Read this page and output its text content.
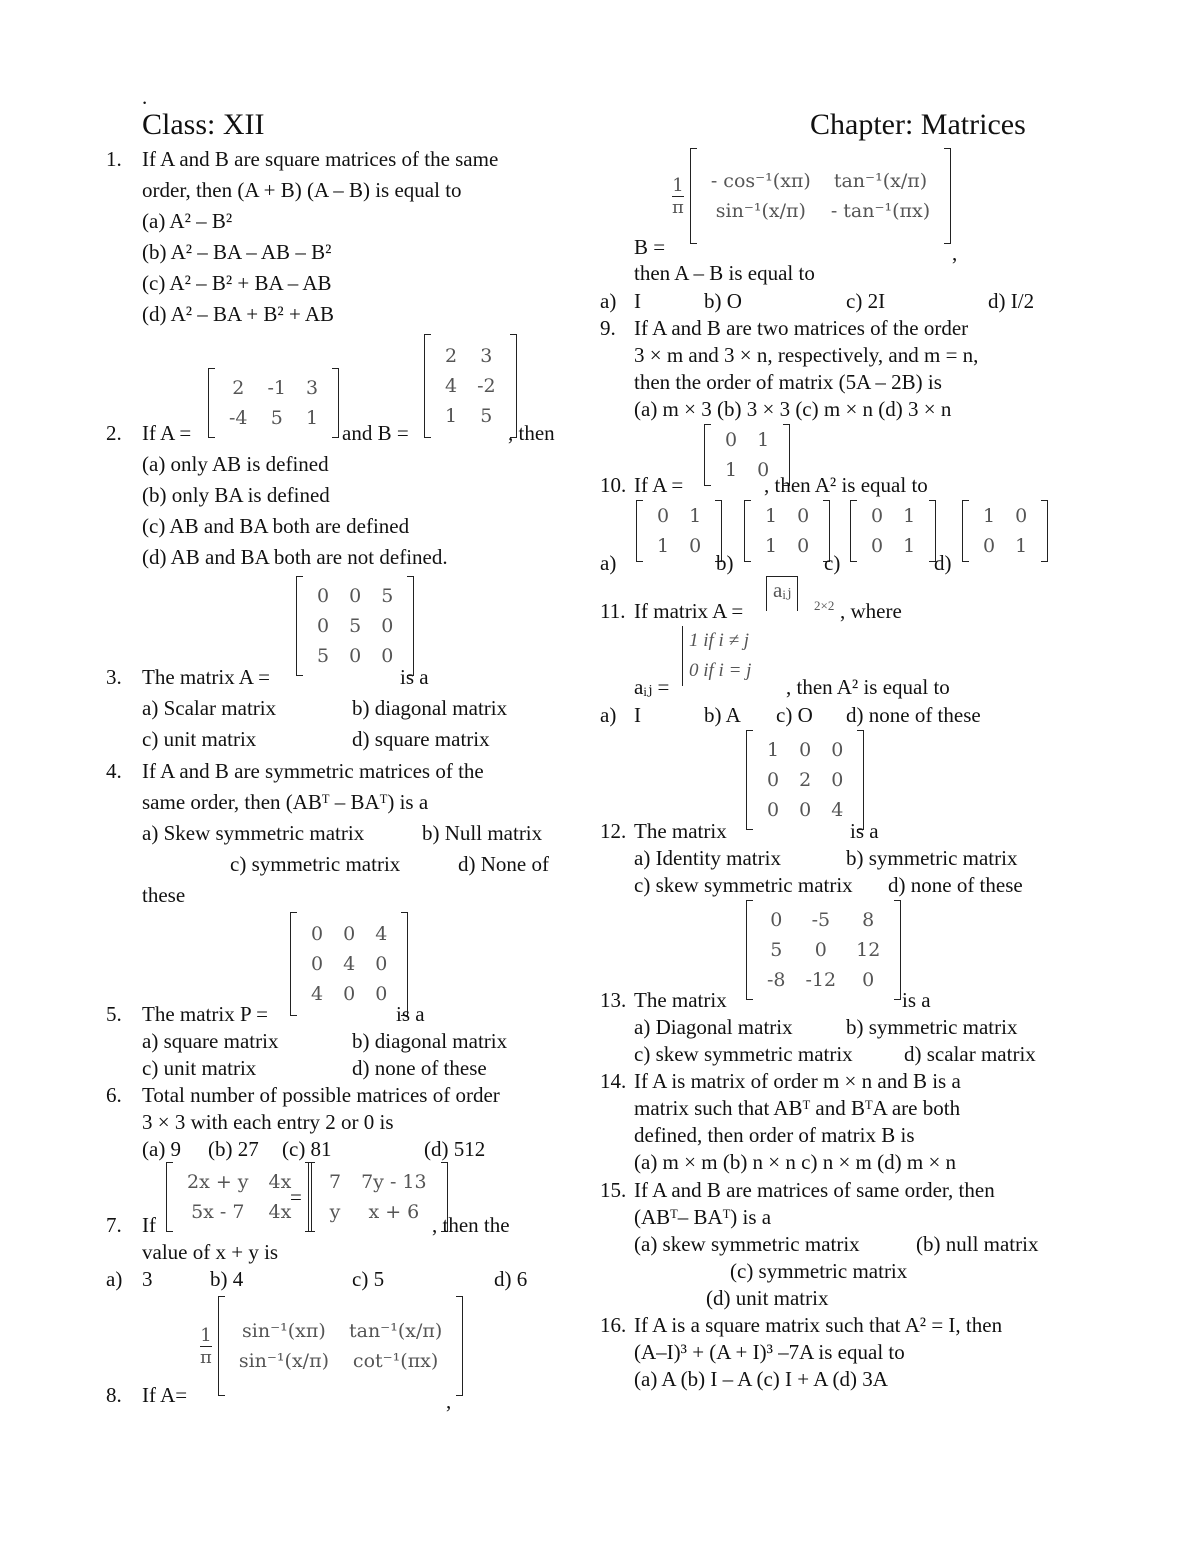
.
Class: XII	Chapter: Matrices
1. If A and B are square matrices of the same
order, then (A + B) (A – B) is equal to
(a) A² – B²
(b) A² – BA – AB – B²
(c) A² – B² + BA – AB
(d) A² – BA + B² + AB
2. If A =
2	-1	3
-4	5	1
and B =
2	3
4	-2
1	5
, then
(a) only AB is defined
(b) only BA is defined
(c) AB and BA both are defined
(d) AB and BA both are not defined.
3. The matrix A =
0	0	5
0	5	0
5	0	0
is a
a) Scalar matrix	b) diagonal matrix
c) unit matrix	d) square matrix
4. If A and B are symmetric matrices of the
same order, then (ABᵀ – BAᵀ) is a
a) Skew symmetric matrix	b) Null matrix
c) symmetric matrix	d) None of
these
5. The matrix P =
0	0	4
0	4	0
4	0	0
is a
a) square matrix	b) diagonal matrix
c) unit matrix	d) none of these
6. Total number of possible matrices of order
3 × 3 with each entry 2 or 0 is
(a) 9 (b) 27 (c) 81	(d) 512
7. If
2x + y	4x
5x - 7	4x
=
7	7y - 13
y	x + 6
, then the
value of x + y is
a) 3	b) 4	c) 5	d) 6
8. If A=
1
π
sin⁻¹(xπ)	tan⁻¹(x/π)
sin⁻¹(x/π)	cot⁻¹(πx)
,
1
π
- cos⁻¹(xπ)	tan⁻¹(x/π)
sin⁻¹(x/π)	- tan⁻¹(πx)
B =	,
then A – B is equal to
a) I	b) O	c) 2I	d) I/2
9. If A and B are two matrices of the order
3 × m and 3 × n, respectively, and m = n,
then the order of matrix (5A – 2B) is
(a) m × 3 (b) 3 × 3 (c) m × n (d) 3 × n
10. If A =
0	1
1	0
, then A² is equal to
a)
0	1
1	0
b)
1	0
1	0
c)
0	1
0	1
d)
1	0
0	1
11. If matrix A =
aᵢⱼ
2×2 , where
aᵢⱼ =
1 if i ≠ j
0 if i = j
, then A² is equal to
a) I	b) A c) O d) none of these
12. The matrix
1	0	0
0	2	0
0	0	4
is a
a) Identity matrix	b) symmetric matrix
c) skew symmetric matrix d) none of these
13. The matrix
0	-5	8
5	0	12
-8	-12	0
is a
a) Diagonal matrix	b) symmetric matrix
c) skew symmetric matrix d) scalar matrix
14. If A is matrix of order m × n and B is a
matrix such that ABᵀ and BᵀA are both
defined, then order of matrix B is
(a) m × m (b) n × n c) n × m (d) m × n
15. If A and B are matrices of same order, then
(ABᵀ– BAᵀ) is a
(a) skew symmetric matrix	(b) null matrix
(c) symmetric matrix
(d) unit matrix
16. If A is a square matrix such that A² = I, then
(A–I)³ + (A + I)³ –7A is equal to
(a) A (b) I – A (c) I + A (d) 3A
